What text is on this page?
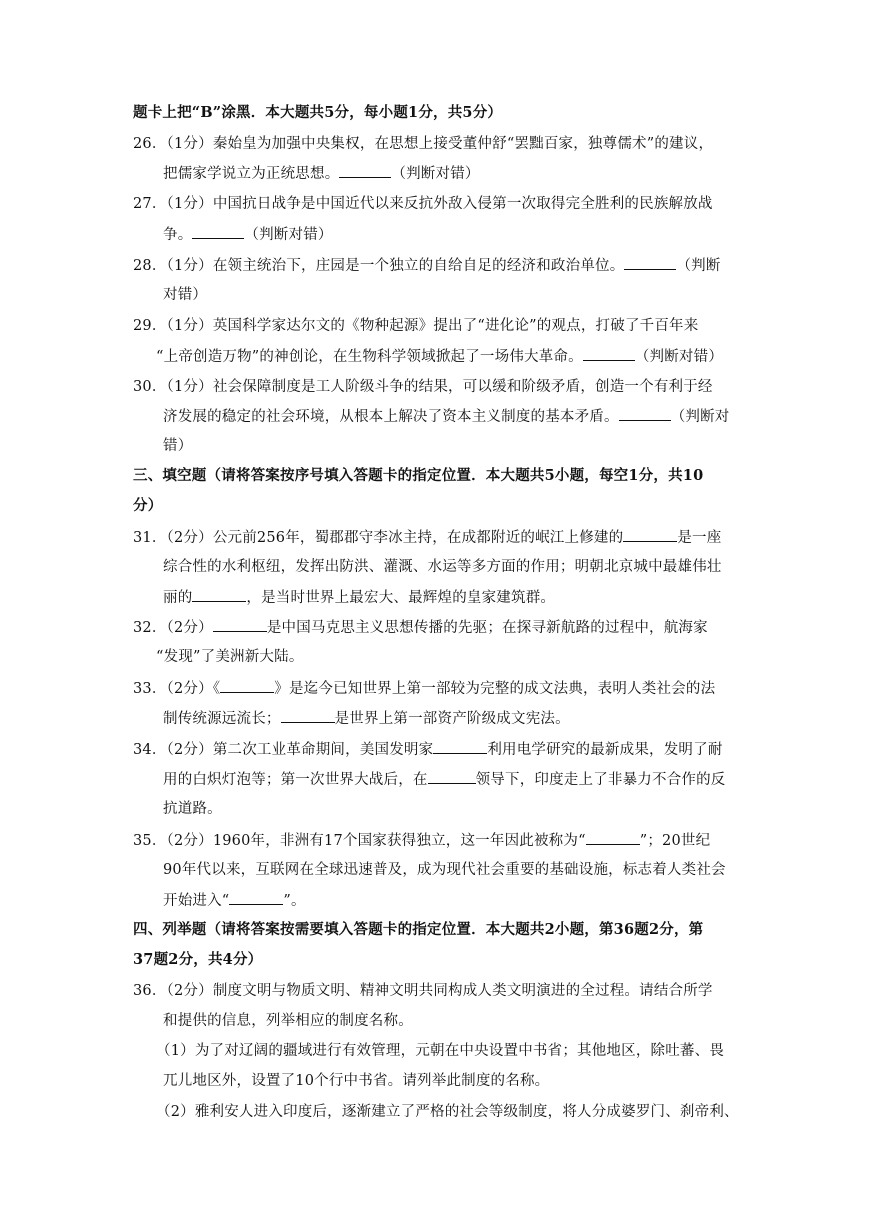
题卡上把“B”涂黑．本大题共5分，每小题1分，共5分）
26．（1分）秦始皇为加强中央集权，在思想上接受董仲舒“罢黜百家，独尊儒术”的建议，
把儒家学说立为正统思想。	（判断对错）
27．（1分）中国抗日战争是中国近代以来反抗外敌入侵第一次取得完全胜利的民族解放战
争。	（判断对错）
28．（1分）在领主统治下，庄园是一个独立的自给自足的经济和政治单位。	（判断
对错）
29．（1分）英国科学家达尔文的《物种起源》提出了“进化论”的观点，打破了千百年来
“上帝创造万物”的神创论，在生物科学领域掀起了一场伟大革命。	（判断对错）
30．（1分）社会保障制度是工人阶级斗争的结果，可以缓和阶级矛盾，创造一个有利于经
济发展的稳定的社会环境，从根本上解决了资本主义制度的基本矛盾。	（判断对
错）
三、填空题（请将答案按序号填入答题卡的指定位置．本大题共5小题，每空1分，共10
分）
31．（2分）公元前256年，蜀郡郡守李冰主持，在成都附近的岷江上修建的	是一座
综合性的水利枢纽，发挥出防洪、灌溉、水运等多方面的作用；明朝北京城中最雄伟壮
丽的	，是当时世界上最宏大、最辉煌的皇家建筑群。
32．（2分）	是中国马克思主义思想传播的先驱；在探寻新航路的过程中，航海家
“发现”了美洲新大陆。
33．（2分）《	》是迄今已知世界上第一部较为完整的成文法典，表明人类社会的法
制传统源远流长；	是世界上第一部资产阶级成文宪法。
34．（2分）第二次工业革命期间，美国发明家	利用电学研究的最新成果，发明了耐
用的白炽灯泡等；第一次世界大战后，在	领导下，印度走上了非暴力不合作的反
抗道路。
35．（2分）1960年，非洲有17个国家获得独立，这一年因此被称为“	”；20世纪
90年代以来，互联网在全球迅速普及，成为现代社会重要的基础设施，标志着人类社会
开始进入“	”。
四、列举题（请将答案按需要填入答题卡的指定位置．本大题共2小题，第36题2分，第
37题2分，共4分）
36．（2分）制度文明与物质文明、精神文明共同构成人类文明演进的全过程。请结合所学
和提供的信息，列举相应的制度名称。
（1）为了对辽阔的疆域进行有效管理，元朝在中央设置中书省；其他地区，除吐蕃、畏
兀儿地区外，设置了10个行中书省。请列举此制度的名称。
（2）雅利安人进入印度后，逐渐建立了严格的社会等级制度，将人分成婆罗门、刹帝利、
